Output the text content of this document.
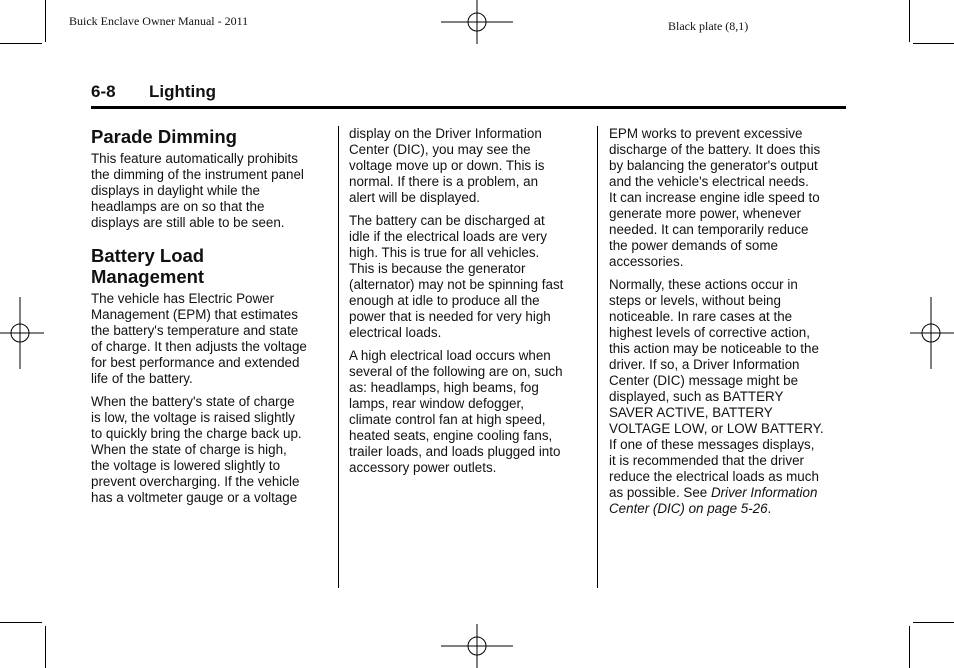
Buick Enclave Owner Manual - 2011	Black plate (8,1)
6-8 Lighting
Parade Dimming

This feature automatically prohibits
the dimming of the instrument panel
displays in daylight while the
headlamps are on so that the
displays are still able to be seen.

Battery Load
Management

The vehicle has Electric Power
Management (EPM) that estimates
the battery's temperature and state
of charge. It then adjusts the voltage
for best performance and extended
life of the battery.

When the battery's state of charge
is low, the voltage is raised slightly
to quickly bring the charge back up.
When the state of charge is high,
the voltage is lowered slightly to
prevent overcharging. If the vehicle
has a voltmeter gauge or a voltage

display on the Driver Information
Center (DIC), you may see the
voltage move up or down. This is
normal. If there is a problem, an
alert will be displayed.

The battery can be discharged at
idle if the electrical loads are very
high. This is true for all vehicles.
This is because the generator
(alternator) may not be spinning fast
enough at idle to produce all the
power that is needed for very high
electrical loads.

A high electrical load occurs when
several of the following are on, such
as: headlamps, high beams, fog
lamps, rear window defogger,
climate control fan at high speed,
heated seats, engine cooling fans,
trailer loads, and loads plugged into
accessory power outlets.

EPM works to prevent excessive
discharge of the battery. It does this
by balancing the generator's output
and the vehicle's electrical needs.
It can increase engine idle speed to
generate more power, whenever
needed. It can temporarily reduce
the power demands of some
accessories.

Normally, these actions occur in
steps or levels, without being
noticeable. In rare cases at the
highest levels of corrective action,
this action may be noticeable to the
driver. If so, a Driver Information
Center (DIC) message might be
displayed, such as BATTERY
SAVER ACTIVE, BATTERY
VOLTAGE LOW, or LOW BATTERY.
If one of these messages displays,
it is recommended that the driver
reduce the electrical loads as much
as possible. See Driver Information
Center (DIC) on page 5-26.
